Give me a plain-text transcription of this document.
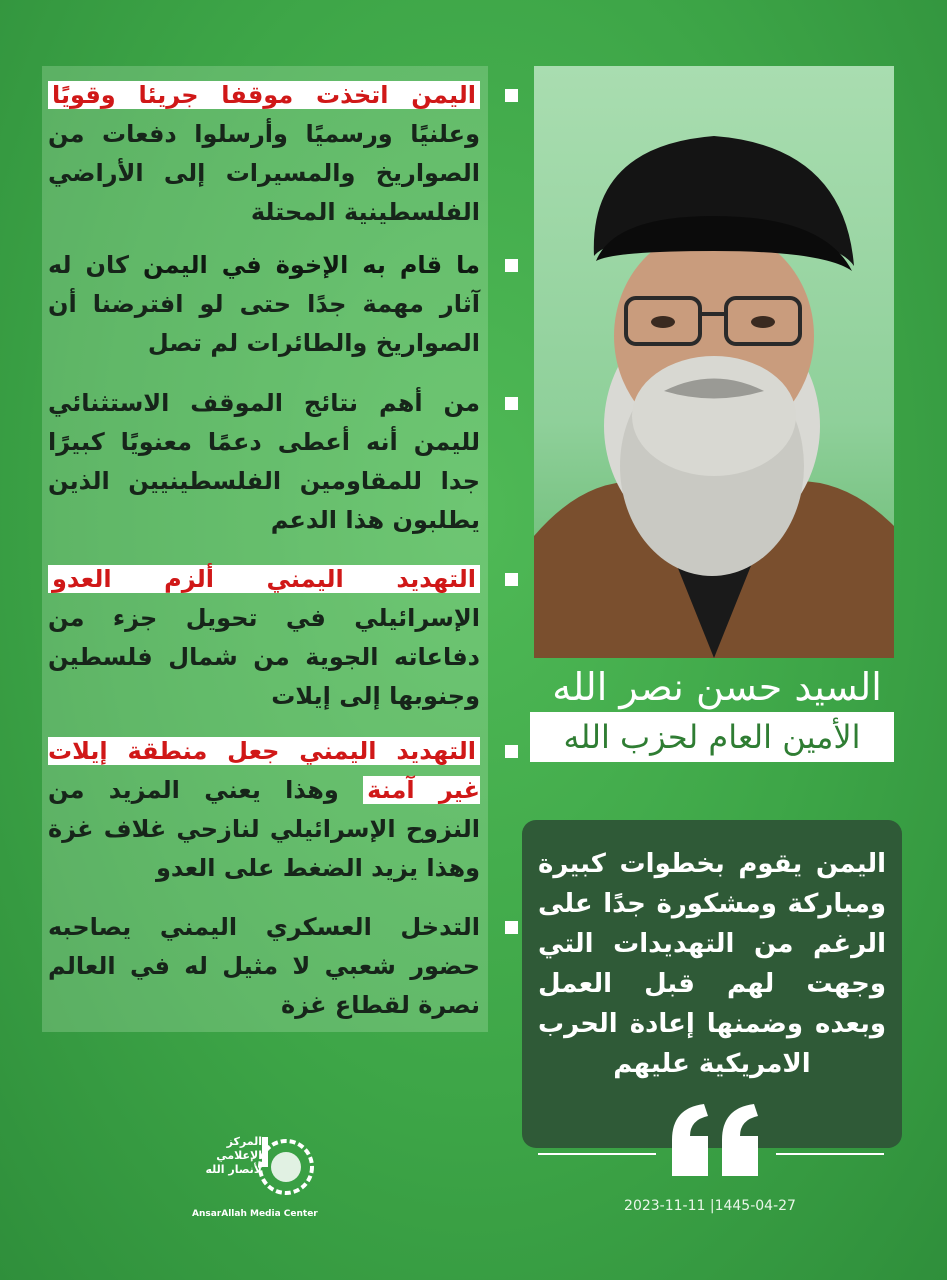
اليمن اتخذت موقفا جريئا وقويًا وعلنيًا ورسميًا وأرسلوا دفعات من الصواريخ والمسيرات إلى الأراضي الفلسطينية المحتلة

ما قام به الإخوة في اليمن كان له آثار مهمة جدًا حتى لو افترضنا أن الصواريخ والطائرات لم تصل

من أهم نتائج الموقف الاستثنائي لليمن أنه أعطى دعمًا معنويًا كبيرًا جدا للمقاومين الفلسطينيين الذين يطلبون هذا الدعم

التهديد اليمني ألزم العدو الإسرائيلي في تحويل جزء من دفاعاته الجوية من شمال فلسطين وجنوبها إلى إيلات

التهديد اليمني جعل منطقة إيلات غير آمنة وهذا يعني المزيد من النزوح الإسرائيلي لنازحي غلاف غزة وهذا يزيد الضغط على العدو

التدخل العسكري اليمني يصاحبه حضور شعبي لا مثيل له في العالم نصرة لقطاع غزة

السيد حسن نصر الله
الأمين العام لحزب الله

اليمن يقوم بخطوات كبيرة ومباركة ومشكورة جدًا على الرغم من التهديدات التي وجهت لهم قبل العمل وبعده وضمنها إعادة الحرب الامريكية عليهم

2023-11-11 |1445-04-27
المركز
الإعلامي
لأنصار الله
AnsarAllah Media Center
